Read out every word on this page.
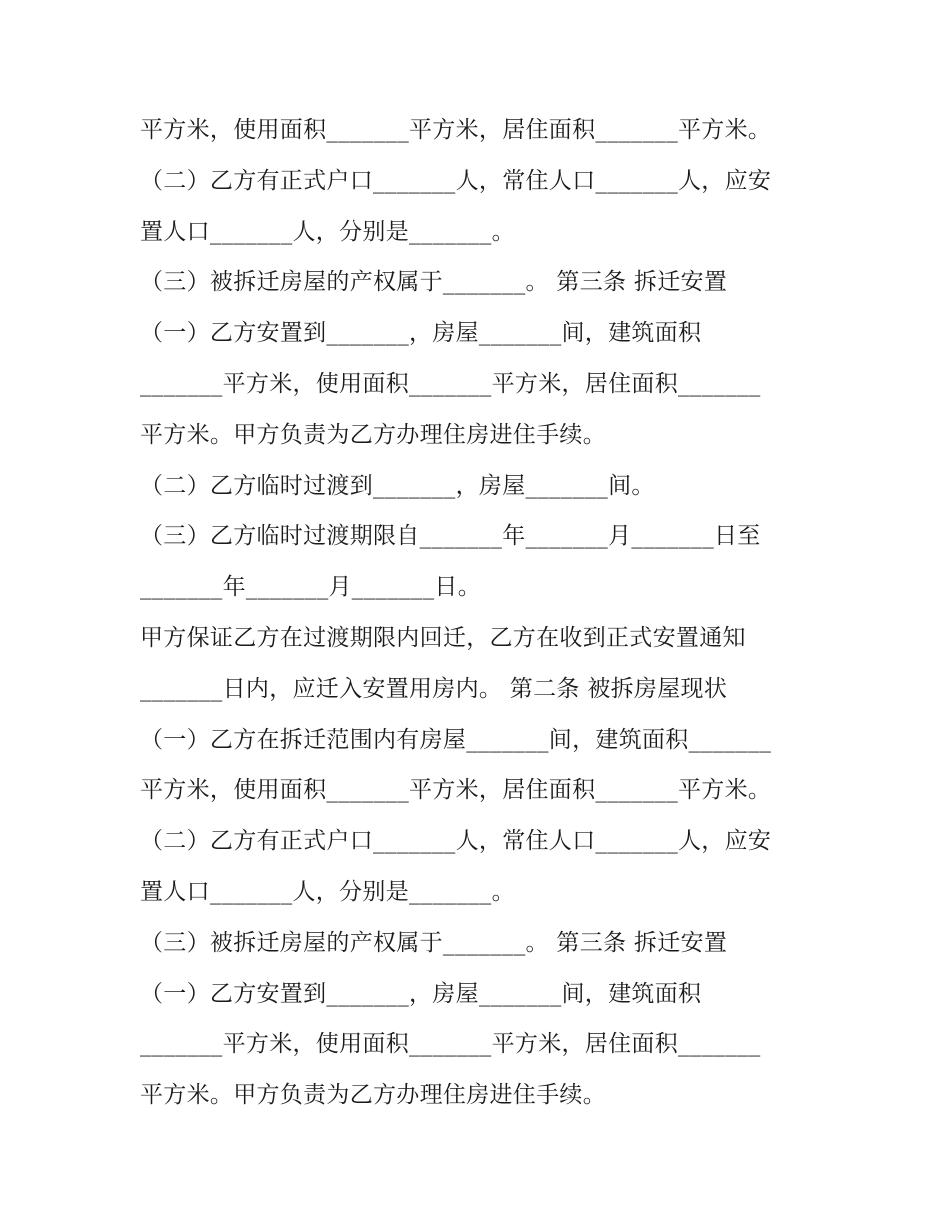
平方米，使用面积_______平方米，居住面积_______平方米。
（二）乙方有正式户口_______人，常住人口_______人，应安
置人口_______人，分别是_______。
（三）被拆迁房屋的产权属于_______。 第三条 拆迁安置
（一）乙方安置到_______，房屋_______间，建筑面积
_______平方米，使用面积_______平方米，居住面积_______
平方米。甲方负责为乙方办理住房进住手续。
（二）乙方临时过渡到_______，房屋_______间。
（三）乙方临时过渡期限自_______年_______月_______日至
_______年_______月_______日。
甲方保证乙方在过渡期限内回迁，乙方在收到正式安置通知
_______日内，应迁入安置用房内。 第二条 被拆房屋现状
（一）乙方在拆迁范围内有房屋_______间，建筑面积_______
平方米，使用面积_______平方米，居住面积_______平方米。
（二）乙方有正式户口_______人，常住人口_______人，应安
置人口_______人，分别是_______。
（三）被拆迁房屋的产权属于_______。 第三条 拆迁安置
（一）乙方安置到_______，房屋_______间，建筑面积
_______平方米，使用面积_______平方米，居住面积_______
平方米。甲方负责为乙方办理住房进住手续。
